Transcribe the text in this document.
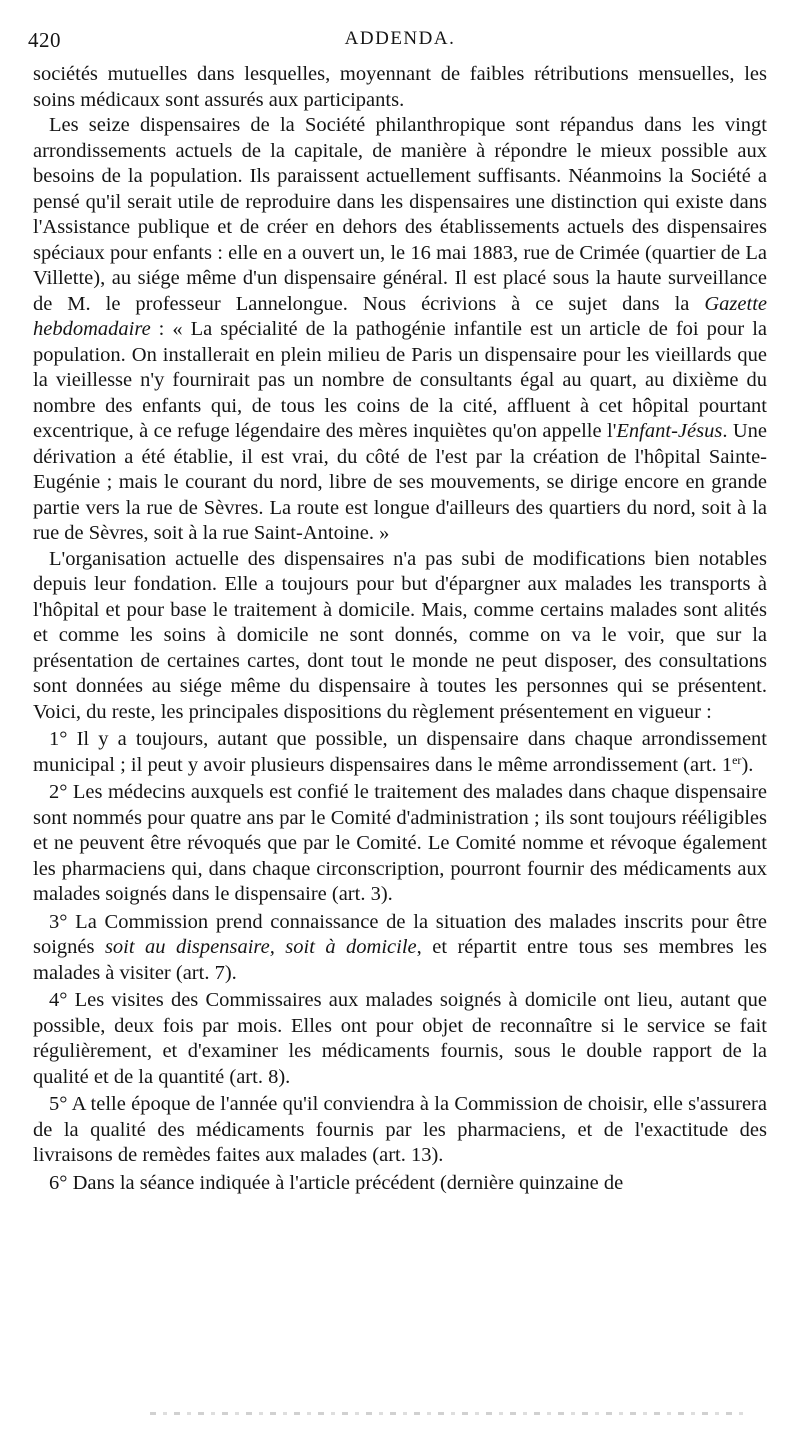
420	ADDENDA.

sociétés mutuelles dans lesquelles, moyennant de faibles rétributions mensuelles, les soins médicaux sont assurés aux participants.

Les seize dispensaires de la Société philanthropique sont répandus dans les vingt arrondissements actuels de la capitale, de manière à répondre le mieux possible aux besoins de la population. Ils paraissent actuellement suffisants. Néanmoins la Société a pensé qu'il serait utile de reproduire dans les dispensaires une distinction qui existe dans l'Assistance publique et de créer en dehors des établissements actuels des dispensaires spéciaux pour enfants : elle en a ouvert un, le 16 mai 1883, rue de Crimée (quartier de La Villette), au siége même d'un dispensaire général. Il est placé sous la haute surveillance de M. le professeur Lannelongue. Nous écrivions à ce sujet dans la Gazette hebdomadaire : « La spécialité de la pathogénie infantile est un article de foi pour la population. On installerait en plein milieu de Paris un dispensaire pour les vieillards que la vieillesse n'y fournirait pas un nombre de consultants égal au quart, au dixième du nombre des enfants qui, de tous les coins de la cité, affluent à cet hôpital pourtant excentrique, à ce refuge légendaire des mères inquiètes qu'on appelle l'Enfant-Jésus. Une dérivation a été établie, il est vrai, du côté de l'est par la création de l'hôpital Sainte-Eugénie ; mais le courant du nord, libre de ses mouvements, se dirige encore en grande partie vers la rue de Sèvres. La route est longue d'ailleurs des quartiers du nord, soit à la rue de Sèvres, soit à la rue Saint-Antoine. »

L'organisation actuelle des dispensaires n'a pas subi de modifications bien notables depuis leur fondation. Elle a toujours pour but d'épargner aux malades les transports à l'hôpital et pour base le traitement à domicile. Mais, comme certains malades sont alités et comme les soins à domicile ne sont donnés, comme on va le voir, que sur la présentation de certaines cartes, dont tout le monde ne peut disposer, des consultations sont données au siége même du dispensaire à toutes les personnes qui se présentent. Voici, du reste, les principales dispositions du règlement présentement en vigueur :

1° Il y a toujours, autant que possible, un dispensaire dans chaque arrondissement municipal ; il peut y avoir plusieurs dispensaires dans le même arrondissement (art. 1er).

2° Les médecins auxquels est confié le traitement des malades dans chaque dispensaire sont nommés pour quatre ans par le Comité d'administration ; ils sont toujours rééligibles et ne peuvent être révoqués que par le Comité. Le Comité nomme et révoque également les pharmaciens qui, dans chaque circonscription, pourront fournir des médicaments aux malades soignés dans le dispensaire (art. 3).

3° La Commission prend connaissance de la situation des malades inscrits pour être soignés soit au dispensaire, soit à domicile, et répartit entre tous ses membres les malades à visiter (art. 7).

4° Les visites des Commissaires aux malades soignés à domicile ont lieu, autant que possible, deux fois par mois. Elles ont pour objet de reconnaître si le service se fait régulièrement, et d'examiner les médicaments fournis, sous le double rapport de la qualité et de la quantité (art. 8).

5° A telle époque de l'année qu'il conviendra à la Commission de choisir, elle s'assurera de la qualité des médicaments fournis par les pharmaciens, et de l'exactitude des livraisons de remèdes faites aux malades (art. 13).

6° Dans la séance indiquée à l'article précédent (dernière quinzaine de
